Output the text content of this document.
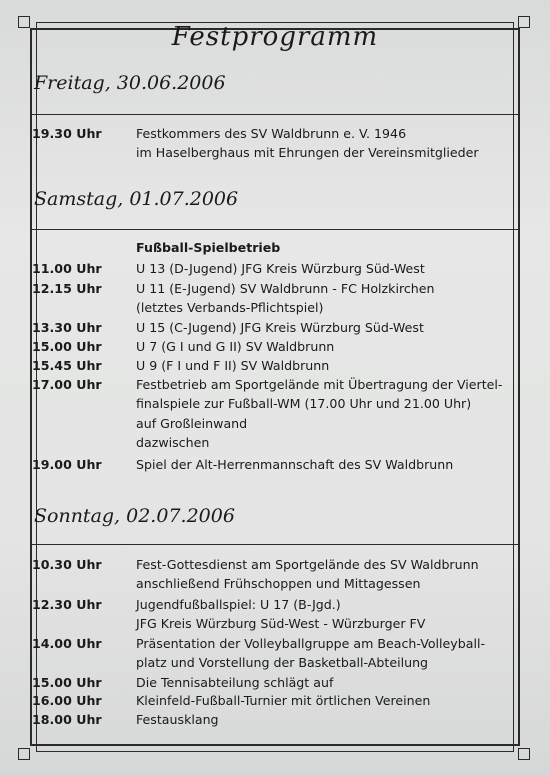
Festprogramm
Freitag, 30.06.2006
19.30 Uhr	Festkommers des SV Waldbrunn e. V. 1946
im Haselberghaus mit Ehrungen der Vereinsmitglieder
Samstag, 01.07.2006
Fußball-Spielbetrieb
11.00 Uhr	U 13 (D-Jugend) JFG Kreis Würzburg Süd-West
12.15 Uhr	U 11 (E-Jugend) SV Waldbrunn - FC Holzkirchen
(letztes Verbands-Pflichtspiel)
13.30 Uhr	U 15 (C-Jugend) JFG Kreis Würzburg Süd-West
15.00 Uhr	U 7 (G I und G II) SV Waldbrunn
15.45 Uhr	U 9 (F I und F II) SV Waldbrunn
17.00 Uhr	Festbetrieb am Sportgelände mit Übertragung der Viertel-
finalspiele zur Fußball-WM (17.00 Uhr und 21.00 Uhr)
auf Großleinwand
dazwischen
19.00 Uhr	Spiel der Alt-Herrenmannschaft des SV Waldbrunn
Sonntag, 02.07.2006
10.30 Uhr	Fest-Gottesdienst am Sportgelände des SV Waldbrunn
anschließend Frühschoppen und Mittagessen
12.30 Uhr	Jugendfußballspiel: U 17 (B-Jgd.)
JFG Kreis Würzburg Süd-West - Würzburger FV
14.00 Uhr	Präsentation der Volleyballgruppe am Beach-Volleyball-
platz und Vorstellung der Basketball-Abteilung
15.00 Uhr	Die Tennisabteilung schlägt auf
16.00 Uhr	Kleinfeld-Fußball-Turnier mit örtlichen Vereinen
18.00 Uhr	Festausklang
